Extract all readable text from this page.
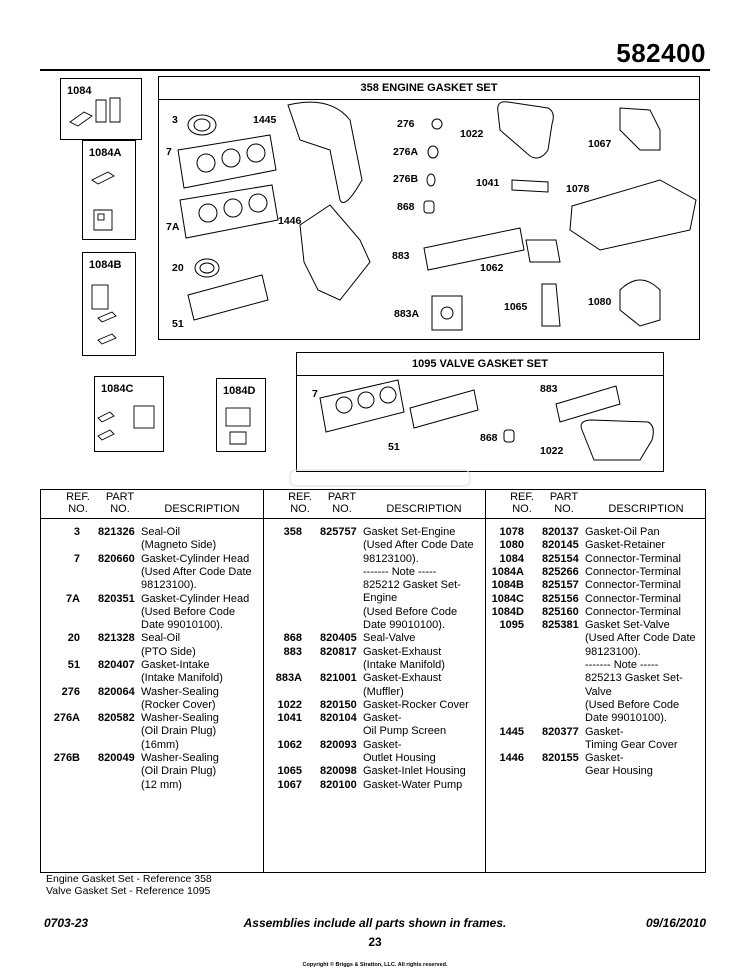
582400
1084
1084A
1084B
1084C	1084D
358 ENGINE GASKET SET
1095 VALVE GASKET SET
3	1445
7
7A	1446
20
51
276
276A
276B
868
883
883A
1022
1067
1041	1078
1062
1065	1080
7
51
883
868
1022
REF.
NO.
PART
NO.	DESCRIPTION
3 821326 Seal-Oil
(Magneto Side)
7 820660 Gasket-Cylinder Head
(Used After Code Date
98123100).
7A 820351 Gasket-Cylinder Head
(Used Before Code
Date 99010100).
20 821328 Seal-Oil
(PTO Side)
51 820407 Gasket-Intake
(Intake Manifold)
276 820064 Washer-Sealing
(Rocker Cover)
276A 820582 Washer-Sealing
(Oil Drain Plug)
(16mm)
276B 820049 Washer-Sealing
(Oil Drain Plug)
(12 mm)
REF.
NO.
PART
NO.	DESCRIPTION
358 825757 Gasket Set-Engine
(Used After Code Date
98123100).
------- Note -----
825212 Gasket Set-
Engine
(Used Before Code
Date 99010100).
868 820405 Seal-Valve
883 820817 Gasket-Exhaust
(Intake Manifold)
883A 821001 Gasket-Exhaust
(Muffler)
1022 820150 Gasket-Rocker Cover
1041 820104 Gasket-
Oil Pump Screen
1062 820093 Gasket-
Outlet Housing
1065 820098 Gasket-Inlet Housing
1067 820100 Gasket-Water Pump
REF.
NO.
PART
NO.	DESCRIPTION
1078 820137 Gasket-Oil Pan
1080 820145 Gasket-Retainer
1084 825154 Connector-Terminal
1084A 825266 Connector-Terminal
1084B 825157 Connector-Terminal
1084C 825156 Connector-Terminal
1084D 825160 Connector-Terminal
1095 825381 Gasket Set-Valve
(Used After Code Date
98123100).
------- Note -----
825213 Gasket Set-
Valve
(Used Before Code
Date 99010100).
1445 820377 Gasket-
Timing Gear Cover
1446 820155 Gasket-
Gear Housing
Engine Gasket Set - Reference 358
Valve Gasket Set - Reference 1095
0703-23	Assemblies include all parts shown in frames.	09/16/2010
23
Copyright © Briggs & Stratton, LLC. All rights reserved.
